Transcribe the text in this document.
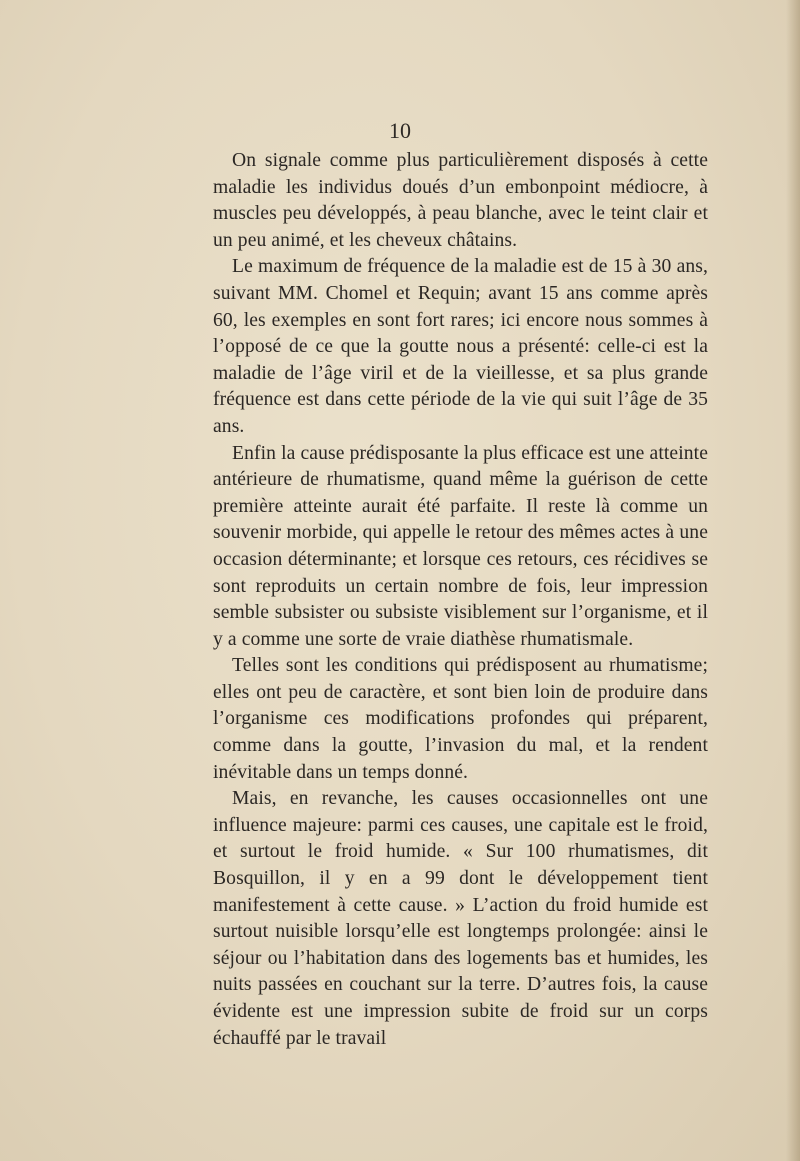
10

On signale comme plus particulièrement disposés à cette maladie les individus doués d’un embonpoint médiocre, à muscles peu développés, à peau blanche, avec le teint clair et un peu animé, et les cheveux châtains.

Le maximum de fréquence de la maladie est de 15 à 30 ans, suivant MM. Chomel et Requin; avant 15 ans comme après 60, les exemples en sont fort rares; ici encore nous sommes à l’opposé de ce que la goutte nous a présenté: celle-ci est la maladie de l’âge viril et de la vieillesse, et sa plus grande fréquence est dans cette période de la vie qui suit l’âge de 35 ans.

Enfin la cause prédisposante la plus efficace est une atteinte antérieure de rhumatisme, quand même la guérison de cette première atteinte aurait été parfaite. Il reste là comme un souvenir morbide, qui appelle le retour des mêmes actes à une occasion déterminante; et lorsque ces retours, ces récidives se sont reproduits un certain nombre de fois, leur impression semble subsister ou subsiste visiblement sur l’organisme, et il y a comme une sorte de vraie diathèse rhumatismale.

Telles sont les conditions qui prédisposent au rhumatisme; elles ont peu de caractère, et sont bien loin de produire dans l’organisme ces modifications profondes qui préparent, comme dans la goutte, l’invasion du mal, et la rendent inévitable dans un temps donné.

Mais, en revanche, les causes occasionnelles ont une influence majeure: parmi ces causes, une capitale est le froid, et surtout le froid humide. « Sur 100 rhumatismes, dit Bosquillon, il y en a 99 dont le développement tient manifestement à cette cause. » L’action du froid humide est surtout nuisible lorsqu’elle est longtemps prolongée: ainsi le séjour ou l’habitation dans des logements bas et humides, les nuits passées en couchant sur la terre. D’autres fois, la cause évidente est une impression subite de froid sur un corps échauffé par le travail
